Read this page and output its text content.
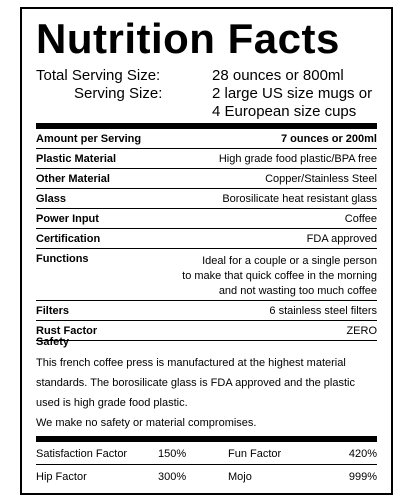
Nutrition Facts
Total Serving Size:	28 ounces or 800ml
Serving Size:	2 large US size mugs or
4 European size cups
Amount per Serving	7 ounces or 200ml
Plastic Material	High grade food plastic/BPA free
Other Material	Copper/Stainless Steel
Glass	Borosilicate heat resistant glass
Power Input	Coffee
Certification	FDA approved
Functions	Ideal for a couple or a single person
to make that quick coffee in the morning
and not wasting too much coffee
Filters	6 stainless steel filters
Rust Factor	ZERO
Safety
This french coffee press is manufactured at the highest material
standards. The borosilicate glass is FDA approved and the plastic
used is high grade food plastic.
We make no safety or material compromises.
Satisfaction Factor	150%	Fun Factor	420%
Hip Factor	300%	Mojo	999%
